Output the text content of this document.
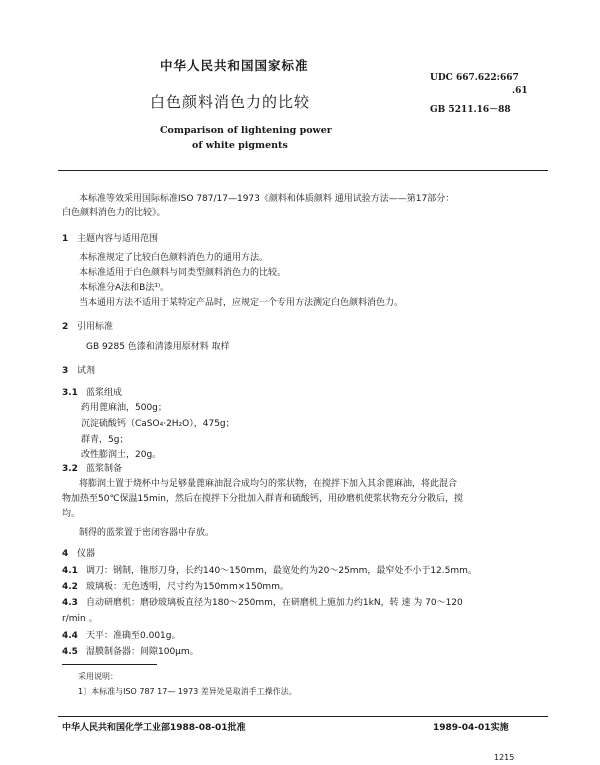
中华人民共和国国家标准
白色颜料消色力的比较
Comparison of lightening power
of white pigments
UDC 667.622:667
.61
GB 5211.16－88
本标准等效采用国际标准ISO 787/17—1973《颜料和体质颜料 通用试验方法——第17部分：
白色颜料消色力的比较》。
1 主题内容与适用范围
本标准规定了比较白色颜料消色力的通用方法。
本标准适用于白色颜料与同类型颜料消色力的比较。
本标准分A法和B法¹⁾。
当本通用方法不适用于某特定产品时，应规定一个专用方法测定白色颜料消色力。
2 引用标准
GB 9285 色漆和清漆用原材料 取样
3 试剂
3.1 蓝浆组成
药用蓖麻油，500g；
沉淀硫酸钙（CaSO₄·2H₂O），475g；
群青，5g；
改性膨润土，20g。
3.2 蓝浆制备
将膨润土置于烧杯中与足够量蓖麻油混合成均匀的浆状物，在搅拌下加入其余蓖麻油，将此混合
物加热至50℃保温15min，然后在搅拌下分批加入群青和硫酸钙，用砂磨机使浆状物充分分散后，搅
均。
制得的蓝浆置于密闭容器中存放。
4 仪器
4.1 调刀：钢制，锥形刀身，长约140～150mm，最宽处约为20～25mm，最窄处不小于12.5mm。
4.2 玻璃板：无色透明，尺寸约为150mm×150mm。
4.3 自动研磨机：磨砂玻璃板直径为180～250mm，在研磨机上施加力约1kN，转 速 为 70～120
r/min 。
4.4 天平：准确至0.001g。
4.5 湿膜制备器：间隙100μm。
采用说明：
1〕本标准与ISO 787 17— 1973 差异处是取消手工操作法。
中华人民共和国化学工业部1988-08-01批准	1989-04-01实施
1215
